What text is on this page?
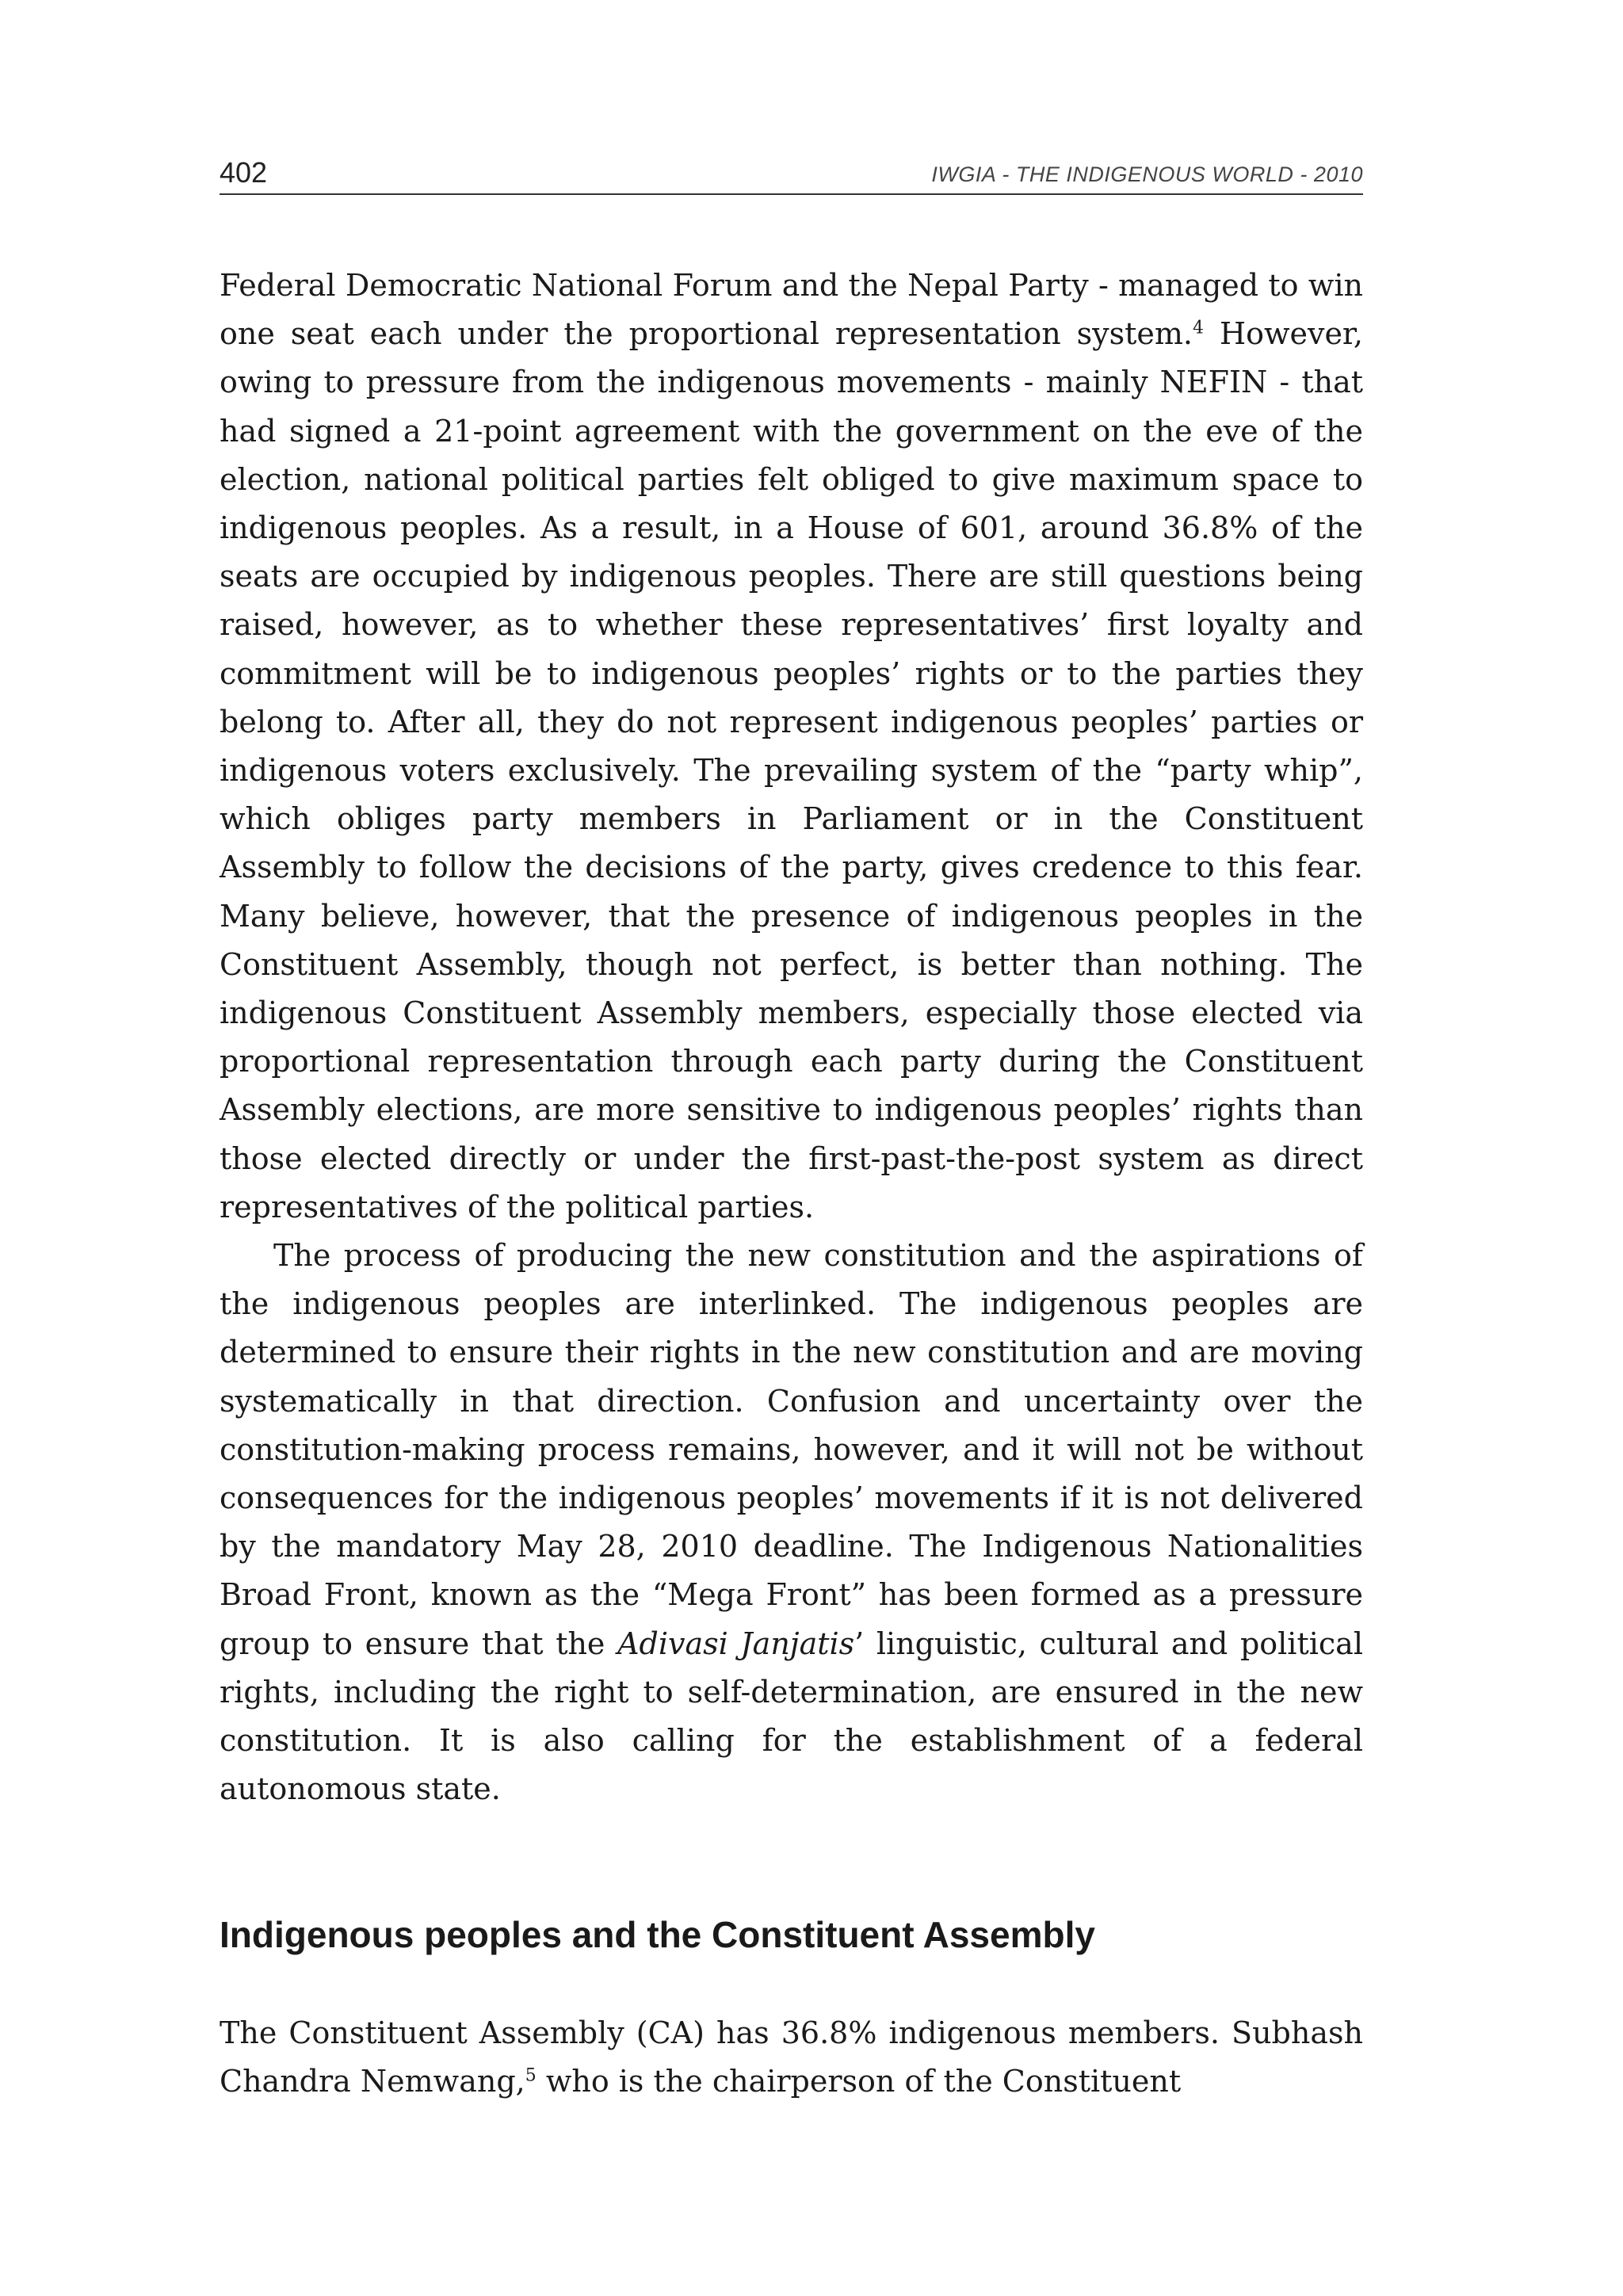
402	IWGIA - THE INDIGENOUS WORLD - 2010

Federal Democratic National Forum and the Nepal Party - managed to win one seat each under the proportional representation system.$^4$ However, owing to pressure from the indigenous movements - mainly NEFIN - that had signed a 21-point agreement with the government on the eve of the election, national political parties felt obliged to give maximum space to indigenous peoples. As a result, in a House of 601, around 36.8% of the seats are occupied by indigenous peoples. There are still questions being raised, however, as to whether these representatives’ first loyalty and commitment will be to indigenous peoples’ rights or to the parties they belong to. After all, they do not represent indigenous peoples’ parties or indigenous voters exclusively. The prevailing system of the “party whip”, which obliges party members in Parliament or in the Constituent Assembly to follow the decisions of the party, gives credence to this fear. Many believe, however, that the presence of indigenous peoples in the Constituent Assembly, though not perfect, is better than nothing. The indigenous Constituent Assembly members, especially those elected via proportional representation through each party during the Constituent Assembly elections, are more sensitive to indigenous peoples’ rights than those elected directly or under the first-past-the-post system as direct representatives of the political parties.

The process of producing the new constitution and the aspirations of the indigenous peoples are interlinked. The indigenous peoples are determined to ensure their rights in the new constitution and are moving systematically in that direction. Confusion and uncertainty over the constitution-making process remains, however, and it will not be without consequences for the indigenous peoples’ movements if it is not delivered by the mandatory May 28, 2010 deadline. The Indigenous Nationalities Broad Front, known as the “Mega Front” has been formed as a pressure group to ensure that the Adivasi Janjatis’ linguistic, cultural and political rights, including the right to self-determination, are ensured in the new constitution. It is also calling for the establishment of a federal autonomous state.

Indigenous peoples and the Constituent Assembly

The Constituent Assembly (CA) has 36.8% indigenous members. Subhash Chandra Nemwang,$^5$ who is the chairperson of the Constituent
